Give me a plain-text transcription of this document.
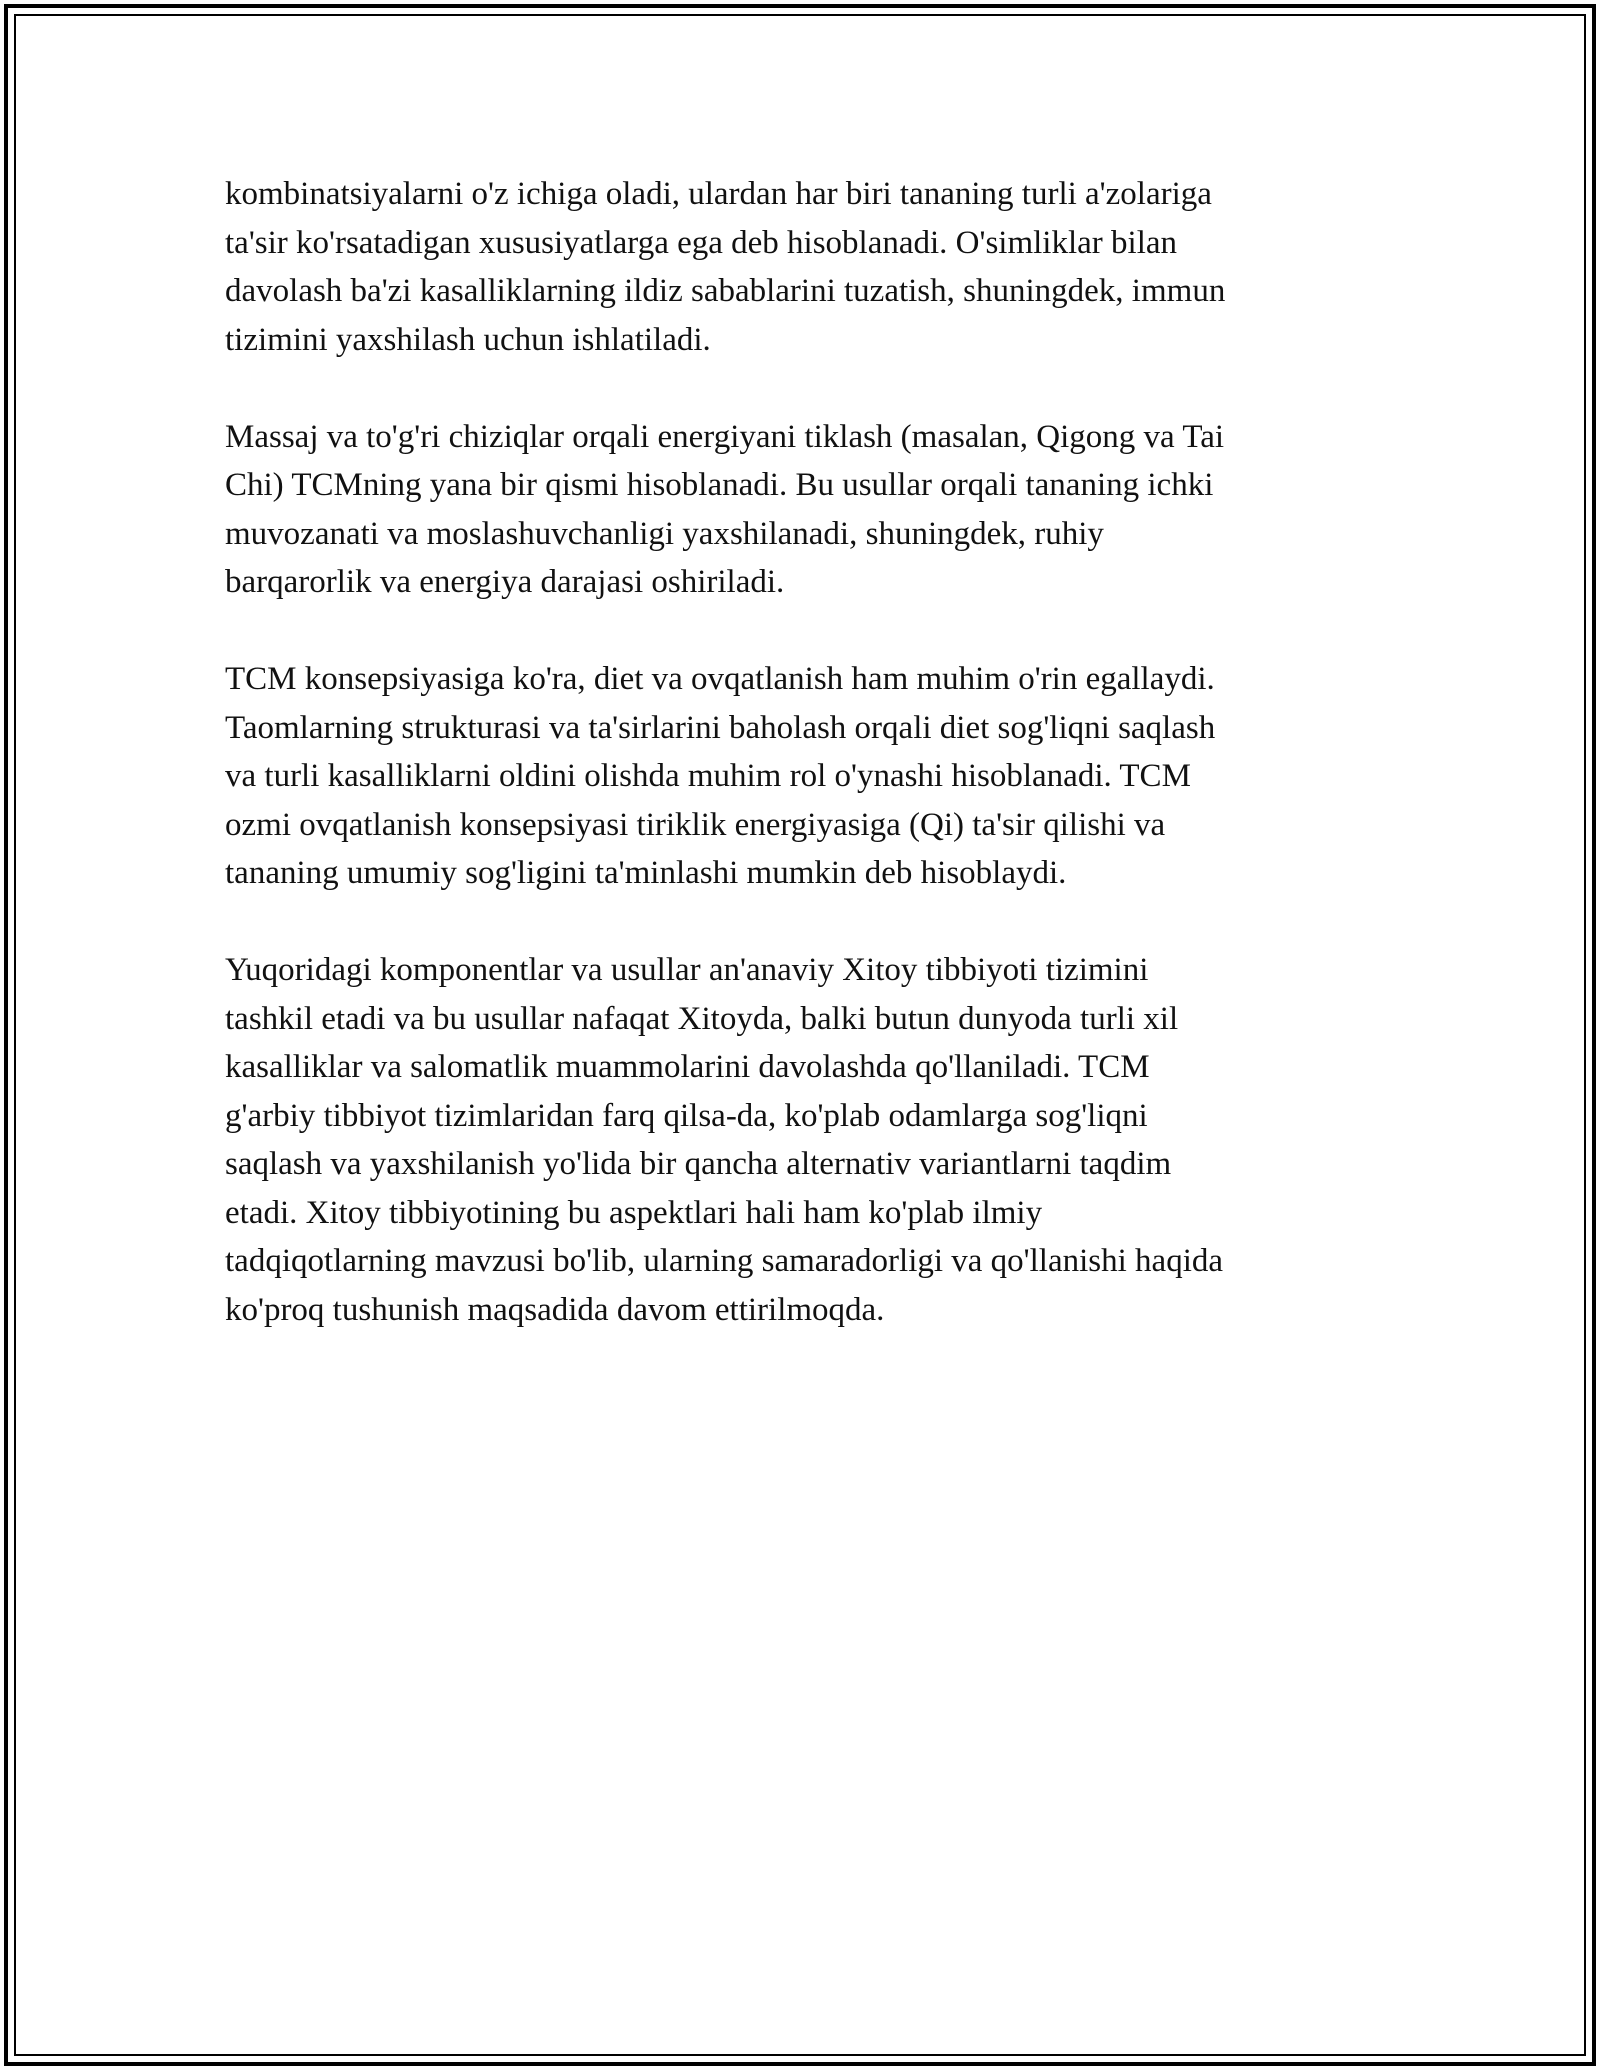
kombinatsiyalarni o'z ichiga oladi, ulardan har biri tananing turli a'zolariga
ta'sir ko'rsatadigan xususiyatlarga ega deb hisoblanadi. O'simliklar bilan
davolash ba'zi kasalliklarning ildiz sabablarini tuzatish, shuningdek, immun
tizimini yaxshilash uchun ishlatiladi.

Massaj va to'g'ri chiziqlar orqali energiyani tiklash (masalan, Qigong va Tai
Chi) TCMning yana bir qismi hisoblanadi. Bu usullar orqali tananing ichki
muvozanati va moslashuvchanligi yaxshilanadi, shuningdek, ruhiy
barqarorlik va energiya darajasi oshiriladi.

TCM konsepsiyasiga ko'ra, diet va ovqatlanish ham muhim o'rin egallaydi.
Taomlarning strukturasi va ta'sirlarini baholash orqali diet sog'liqni saqlash
va turli kasalliklarni oldini olishda muhim rol o'ynashi hisoblanadi. TCM
ozmi ovqatlanish konsepsiyasi tiriklik energiyasiga (Qi) ta'sir qilishi va
tananing umumiy sog'ligini ta'minlashi mumkin deb hisoblaydi.

Yuqoridagi komponentlar va usullar an'anaviy Xitoy tibbiyoti tizimini
tashkil etadi va bu usullar nafaqat Xitoyda, balki butun dunyoda turli xil
kasalliklar va salomatlik muammolarini davolashda qo'llaniladi. TCM
g'arbiy tibbiyot tizimlaridan farq qilsa-da, ko'plab odamlarga sog'liqni
saqlash va yaxshilanish yo'lida bir qancha alternativ variantlarni taqdim
etadi. Xitoy tibbiyotining bu aspektlari hali ham ko'plab ilmiy
tadqiqotlarning mavzusi bo'lib, ularning samaradorligi va qo'llanishi haqida
ko'proq tushunish maqsadida davom ettirilmoqda.
